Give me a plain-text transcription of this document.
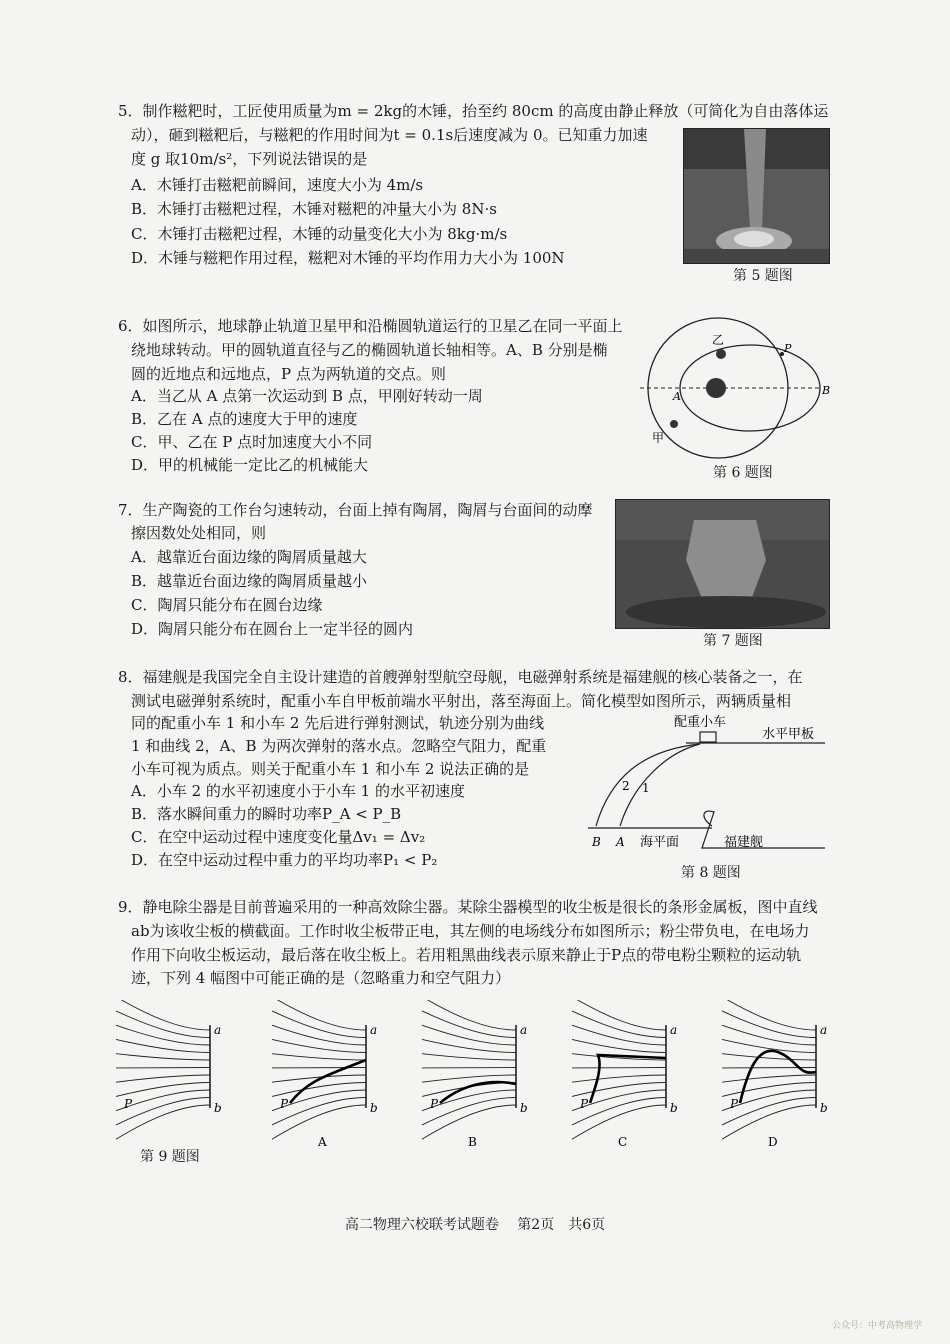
5．制作糍粑时，工匠使用质量为m = 2kg的木锤，抬至约 80cm 的高度由静止释放（可简化为自由落体运
动），砸到糍粑后，与糍粑的作用时间为t = 0.1s后速度减为 0。已知重力加速
度 g 取10m/s²，下列说法错误的是
A．木锤打击糍粑前瞬间，速度大小为 4m/s
B．木锤打击糍粑过程，木锤对糍粑的冲量大小为 8N·s
C．木锤打击糍粑过程，木锤的动量变化大小为 8kg·m/s
D．木锤与糍粑作用过程，糍粑对木锤的平均作用力大小为 100N
第 5 题图
6．如图所示，地球静止轨道卫星甲和沿椭圆轨道运行的卫星乙在同一平面上
绕地球转动。甲的圆轨道直径与乙的椭圆轨道长轴相等。A、B 分别是椭
圆的近地点和远地点，P 点为两轨道的交点。则
A．当乙从 A 点第一次运动到 B 点，甲刚好转动一周
B．乙在 A 点的速度大于甲的速度
C．甲、乙在 P 点时加速度大小不同
D．甲的机械能一定比乙的机械能大
乙
甲
P
A	B
第 6 题图
7．生产陶瓷的工作台匀速转动，台面上掉有陶屑，陶屑与台面间的动摩
擦因数处处相同，则
A．越靠近台面边缘的陶屑质量越大
B．越靠近台面边缘的陶屑质量越小
C．陶屑只能分布在圆台边缘
D．陶屑只能分布在圆台上一定半径的圆内
第 7 题图
8．福建舰是我国完全自主设计建造的首艘弹射型航空母舰，电磁弹射系统是福建舰的核心装备之一，在
测试电磁弹射系统时，配重小车自甲板前端水平射出，落至海面上。简化模型如图所示，两辆质量相
同的配重小车 1 和小车 2 先后进行弹射测试，轨迹分别为曲线
1 和曲线 2，A、B 为两次弹射的落水点。忽略空气阻力，配重
小车可视为质点。则关于配重小车 1 和小车 2 说法正确的是
A．小车 2 的水平初速度小于小车 1 的水平初速度
B．落水瞬间重力的瞬时功率P_A < P_B
C．在空中运动过程中速度变化量Δv₁ = Δv₂
D．在空中运动过程中重力的平均功率P₁ < P₂
配重小车
水平甲板
2 1
B A 海平面	福建舰
第 8 题图
9．静电除尘器是目前普遍采用的一种高效除尘器。某除尘器模型的收尘板是很长的条形金属板，图中直线
ab为该收尘板的横截面。工作时收尘板带正电，其左侧的电场线分布如图所示；粉尘带负电，在电场力
作用下向收尘板运动，最后落在收尘板上。若用粗黑曲线表示原来静止于P点的带电粉尘颗粒的运动轨
迹，下列 4 幅图中可能正确的是（忽略重力和空气阻力）
a
b
P
a
b
P
A
a
b
P
B
a
b
P
C
a
b
P
D
第 9 题图
高二物理六校联考试题卷　 第2页　共6页
公众号：中考高物理学
